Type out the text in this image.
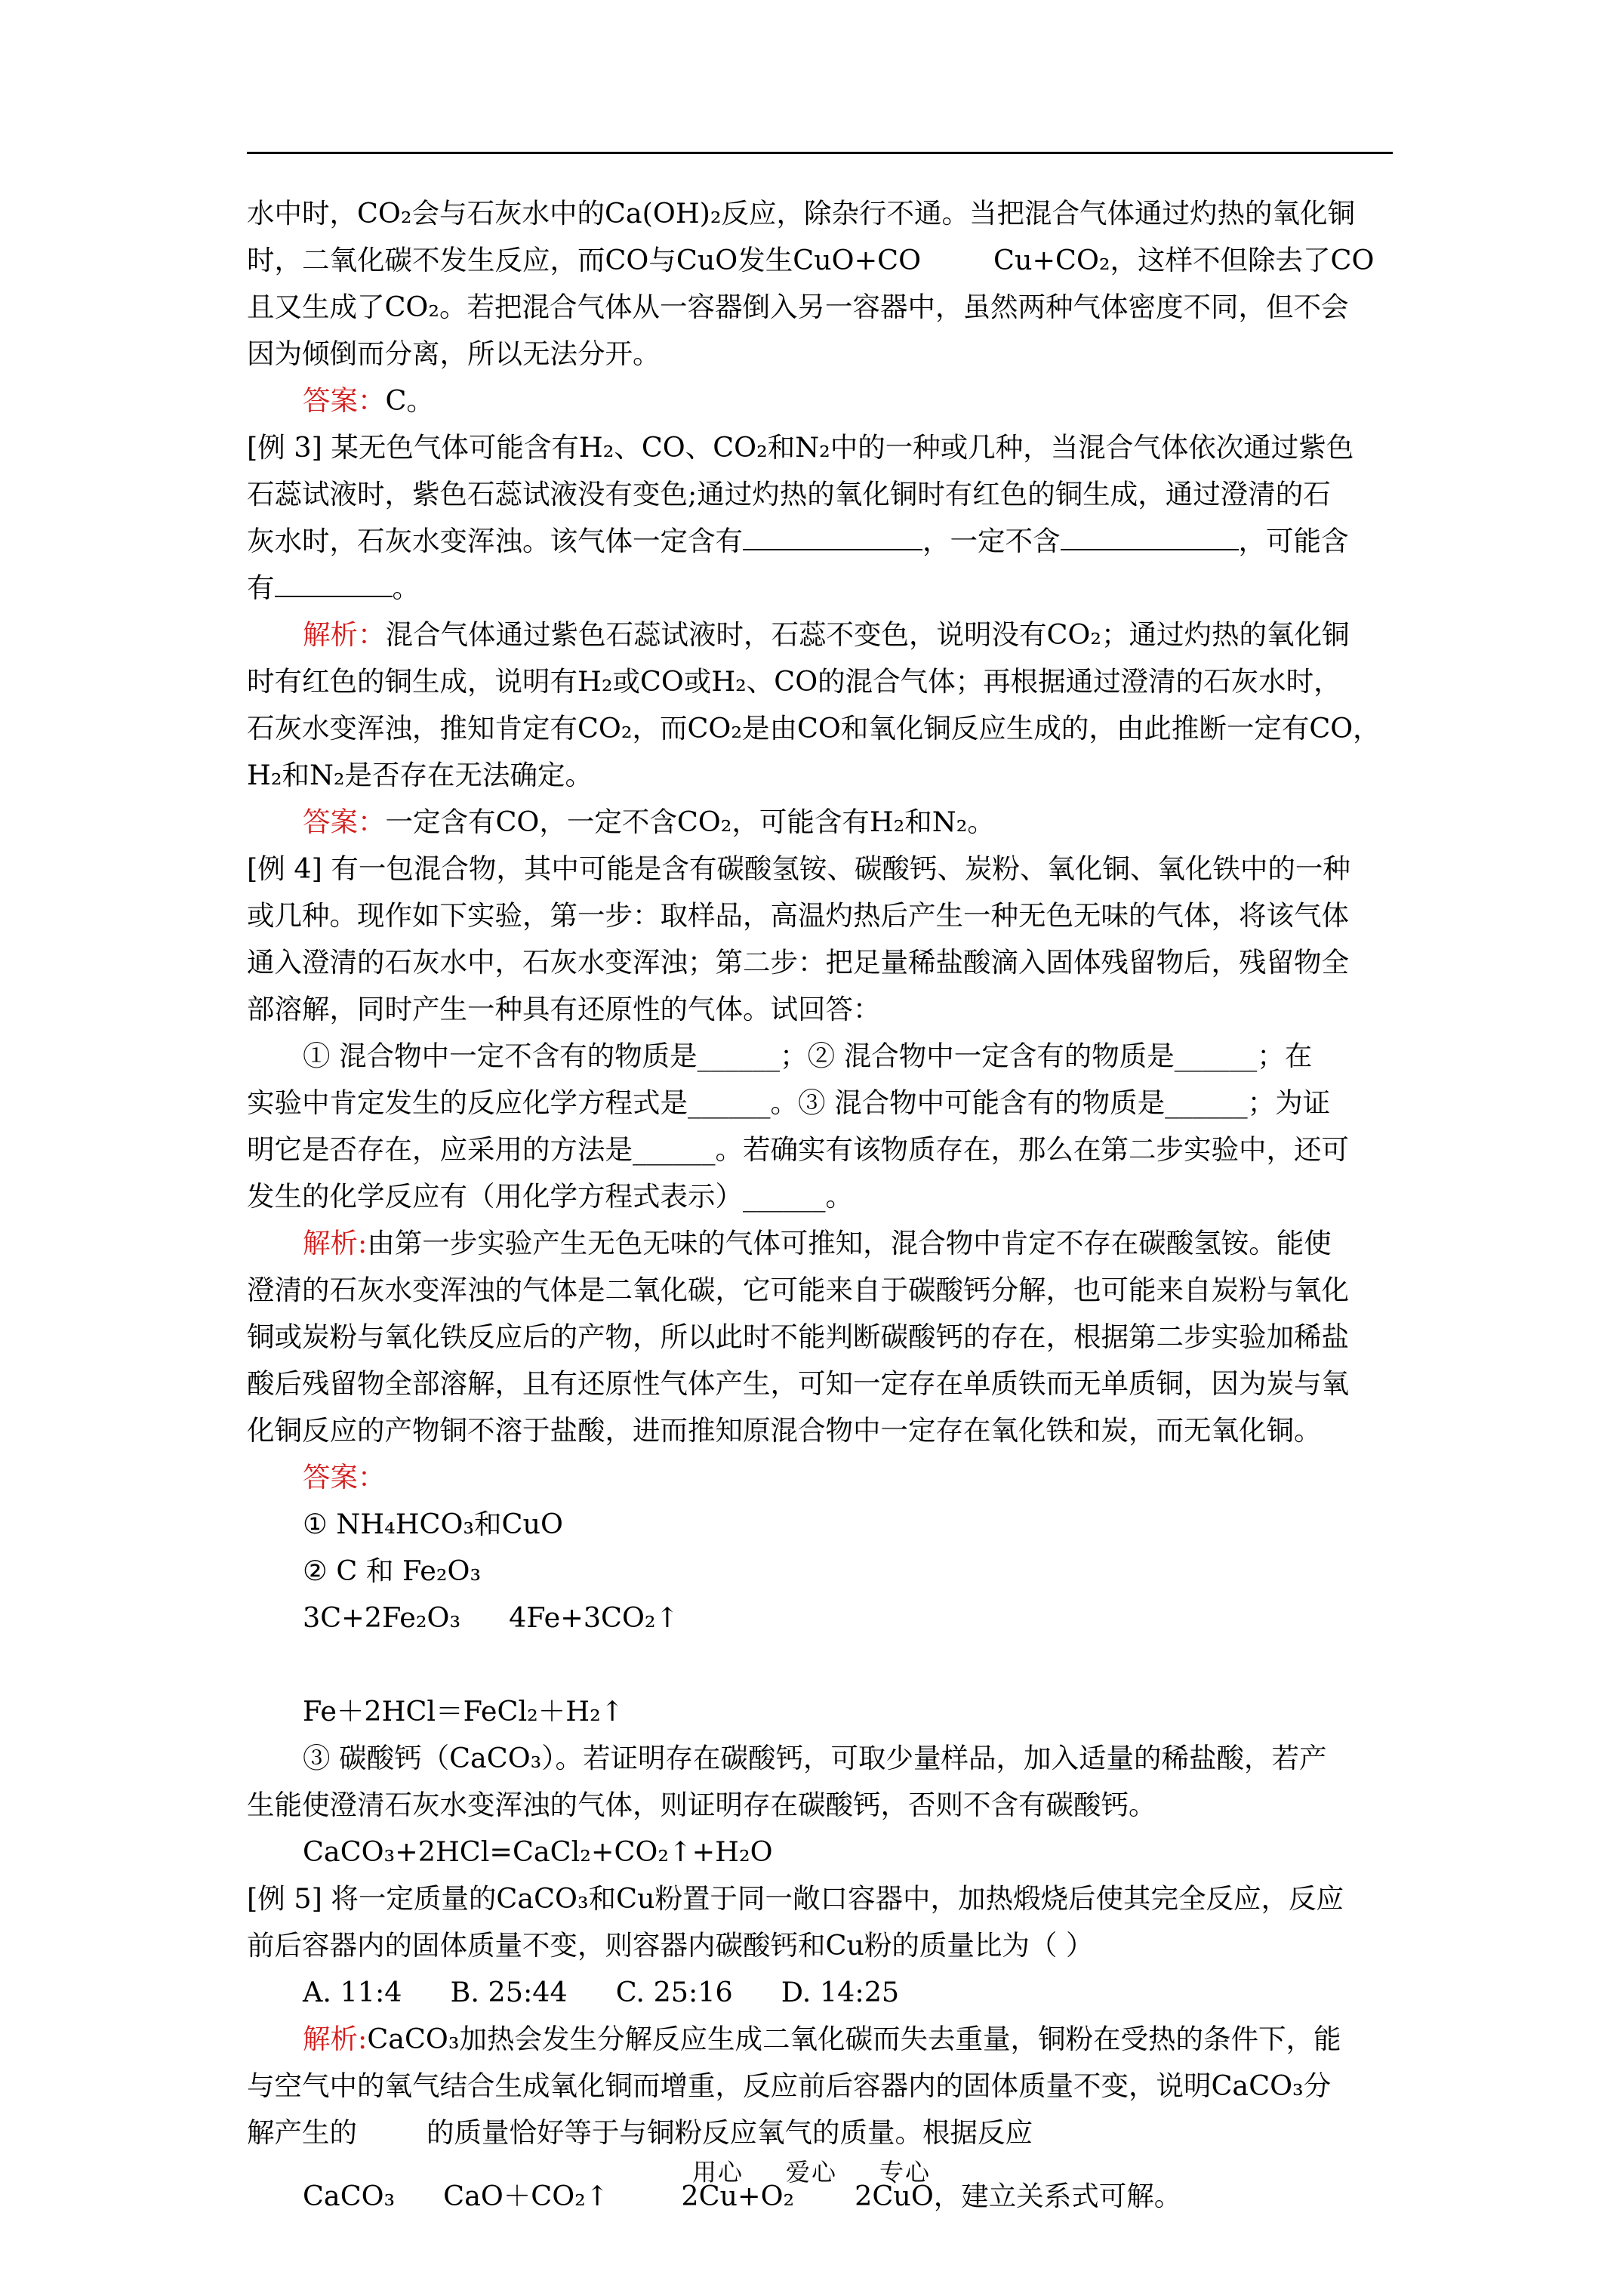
水中时，CO₂会与石灰水中的Ca(OH)₂反应，除杂行不通。当把混合气体通过灼热的氧化铜

时，二氧化碳不发生反应，而CO与CuO发生CuO+CO	Cu+CO₂，这样不但除去了CO

且又生成了CO₂。若把混合气体从一容器倒入另一容器中，虽然两种气体密度不同，但不会

因为倾倒而分离，所以无法分开。

答案：C。

[例 3] 某无色气体可能含有H₂、CO、CO₂和N₂中的一种或几种，当混合气体依次通过紫色

石蕊试液时，紫色石蕊试液没有变色;通过灼热的氧化铜时有红色的铜生成，通过澄清的石

灰水时，石灰水变浑浊。该气体一定含有	，一定不含	，可能含

有	。

解析：混合气体通过紫色石蕊试液时，石蕊不变色，说明没有CO₂；通过灼热的氧化铜

时有红色的铜生成，说明有H₂或CO或H₂、CO的混合气体；再根据通过澄清的石灰水时，

石灰水变浑浊，推知肯定有CO₂，而CO₂是由CO和氧化铜反应生成的，由此推断一定有CO，

H₂和N₂是否存在无法确定。

答案：一定含有CO，一定不含CO₂，可能含有H₂和N₂。

[例 4] 有一包混合物，其中可能是含有碳酸氢铵、碳酸钙、炭粉、氧化铜、氧化铁中的一种

或几种。现作如下实验，第一步：取样品，高温灼热后产生一种无色无味的气体，将该气体

通入澄清的石灰水中，石灰水变浑浊；第二步：把足量稀盐酸滴入固体残留物后，残留物全

部溶解，同时产生一种具有还原性的气体。试回答：

① 混合物中一定不含有的物质是______；② 混合物中一定含有的物质是______；在

实验中肯定发生的反应化学方程式是______。③ 混合物中可能含有的物质是______；为证

明它是否存在，应采用的方法是______。若确实有该物质存在，那么在第二步实验中，还可

发生的化学反应有（用化学方程式表示）______。

解析:由第一步实验产生无色无味的气体可推知，混合物中肯定不存在碳酸氢铵。能使

澄清的石灰水变浑浊的气体是二氧化碳，它可能来自于碳酸钙分解，也可能来自炭粉与氧化

铜或炭粉与氧化铁反应后的产物，所以此时不能判断碳酸钙的存在，根据第二步实验加稀盐

酸后残留物全部溶解，且有还原性气体产生，可知一定存在单质铁而无单质铜，因为炭与氧

化铜反应的产物铜不溶于盐酸，进而推知原混合物中一定存在氧化铁和炭，而无氧化铜。

答案：

① NH₄HCO₃和CuO

② C 和 Fe₂O₃

3C+2Fe₂O₃ 4Fe+3CO₂↑

Fe＋2HCl＝FeCl₂＋H₂↑

③ 碳酸钙（CaCO₃）。若证明存在碳酸钙，可取少量样品，加入适量的稀盐酸，若产

生能使澄清石灰水变浑浊的气体，则证明存在碳酸钙，否则不含有碳酸钙。

CaCO₃+2HCl=CaCl₂+CO₂↑+H₂O

[例 5] 将一定质量的CaCO₃和Cu粉置于同一敞口容器中，加热煅烧后使其完全反应，反应

前后容器内的固体质量不变，则容器内碳酸钙和Cu粉的质量比为（ ）

A. 11:4 B. 25:44 C. 25:16 D. 14:25

解析:CaCO₃加热会发生分解反应生成二氧化碳而失去重量，铜粉在受热的条件下，能

与空气中的氧气结合生成氧化铜而增重，反应前后容器内的固体质量不变，说明CaCO₃分

解产生的	的质量恰好等于与铜粉反应氧气的质量。根据反应

CaCO₃ CaO＋CO₂↑	2Cu+O₂ 2CuO，建立关系式可解。

用心 爱心 专心
